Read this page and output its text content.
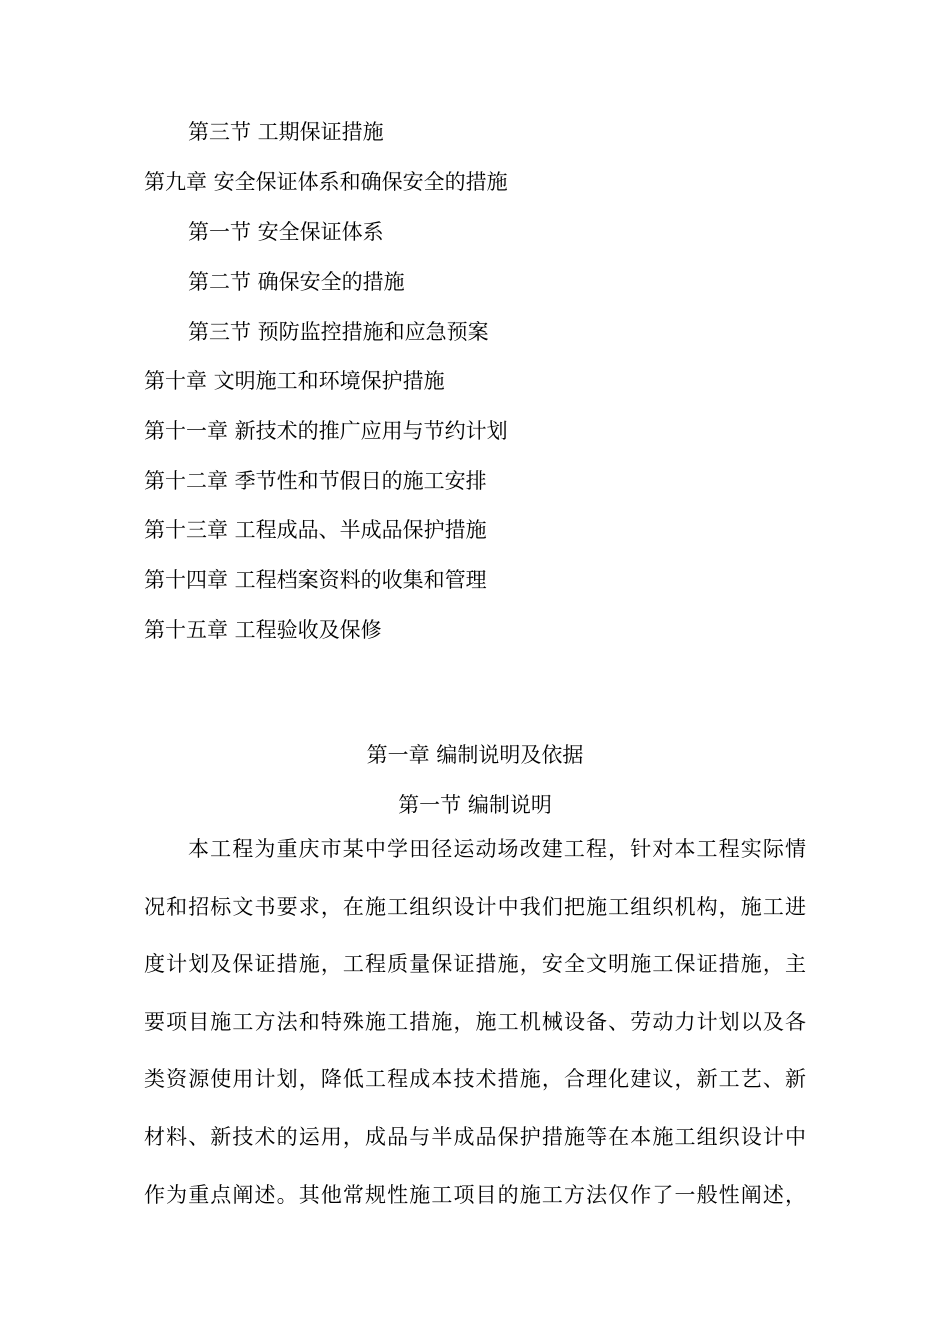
第三节 工期保证措施
第九章 安全保证体系和确保安全的措施
第一节 安全保证体系
第二节 确保安全的措施
第三节 预防监控措施和应急预案
第十章 文明施工和环境保护措施
第十一章 新技术的推广应用与节约计划
第十二章 季节性和节假日的施工安排
第十三章 工程成品、半成品保护措施
第十四章 工程档案资料的收集和管理
第十五章 工程验收及保修
第一章 编制说明及依据
第一节 编制说明
本工程为重庆市某中学田径运动场改建工程，针对本工程实际情
况和招标文书要求，在施工组织设计中我们把施工组织机构，施工进
度计划及保证措施，工程质量保证措施，安全文明施工保证措施，主
要项目施工方法和特殊施工措施，施工机械设备、劳动力计划以及各
类资源使用计划，降低工程成本技术措施，合理化建议，新工艺、新
材料、新技术的运用，成品与半成品保护措施等在本施工组织设计中
作为重点阐述。其他常规性施工项目的施工方法仅作了一般性阐述，
